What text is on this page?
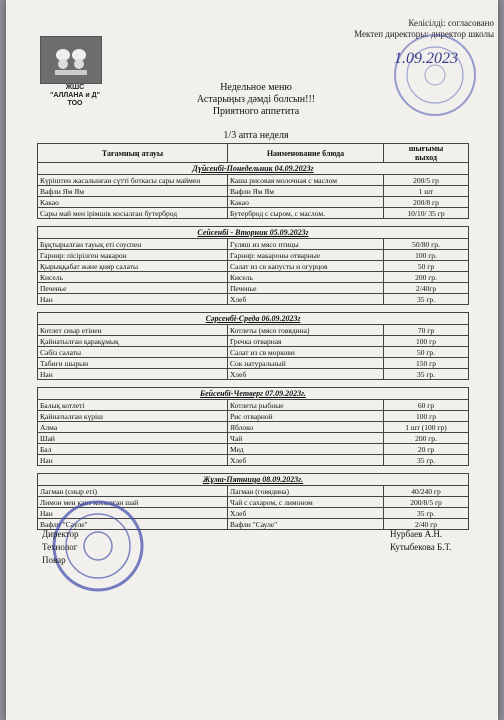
ЖШС
"АЛЛАНА и Д"
ТОО
Келісілді: согласовано
Мектеп директоры: директор школы
1.09.2023
Недельное меню
Астарыңыз дәмді болсын!!!
Приятного аппетита
1/3 апта неделя
Тағамның атауы	Наименование блюда	шығымы
выход
Дүйсенбі-Понедельник 04.09.2023г		
Күріштен жасалынған сүтті боткасы сары маймен	Каша рисовая молочная с маслом	200/5 гр
Вафли Ям Ям	Вафли Ям Ям	1 шт
Какао	Какао	200/8 гр
Сары май мен ірімшік косылған бутерброд	Бутерброд с сыром, с маслом.	10/10/ 35 гр

Сейсенбі - Вторник 05.09.2023г		
Бұқтырылған тауық еті соуспен	Гуляш из мясо птицы	50/80 гр.
Гарнир: пісірілген макарон	Гарнир: макароны отварные	100 гр.
Қырыққабат және қияр салаты	Салат из св капусты и огурцов	50 гр
Кисель	Кисель	200 гр.
Печенье	Печенье	2/40гр
Нан	Хлеб	35 гр.

Сәрсенбі-Среда 06.09.2023г		
Котлет сиыр етінен	Котлеты (мясо говядина)	70 гр
Қайнатылған қарақұмық	Гречка отварная	100 гр
Сәбіз салаты	Салат из св моркови	50 гр.
Табиғи шырын	Сок натуральный	150 гр
Нан	Хлеб	35 гр.

Бейсенбі-Четверг 07.09.2023г.		
Балық котлеті	Котлеты рыбные	60 гр
Қайнатылған күріш	Рис отварной	100 гр
Алма	Яблоко	1 шт (100 гр)
Шай	Чай	200 гр.
Бал	Мед	20 гр
Нан	Хлеб	35 гр.

Жұма-Пятница 08.09.2023г.		
Лагман (сиыр еті)	Лагман (говядина)	40/240 гр
Лимон мен қант косылған шай	Чай с сахаром, с лимоном	200/8/5 гр
Нан	Хлеб	35 гр.
Вафли "Сәуле"	Вафли "Сауле"	2/40 гр
Директор
Технолог
Повар
Нурбаев А.Н.
Кутыбекова Б.Т.
